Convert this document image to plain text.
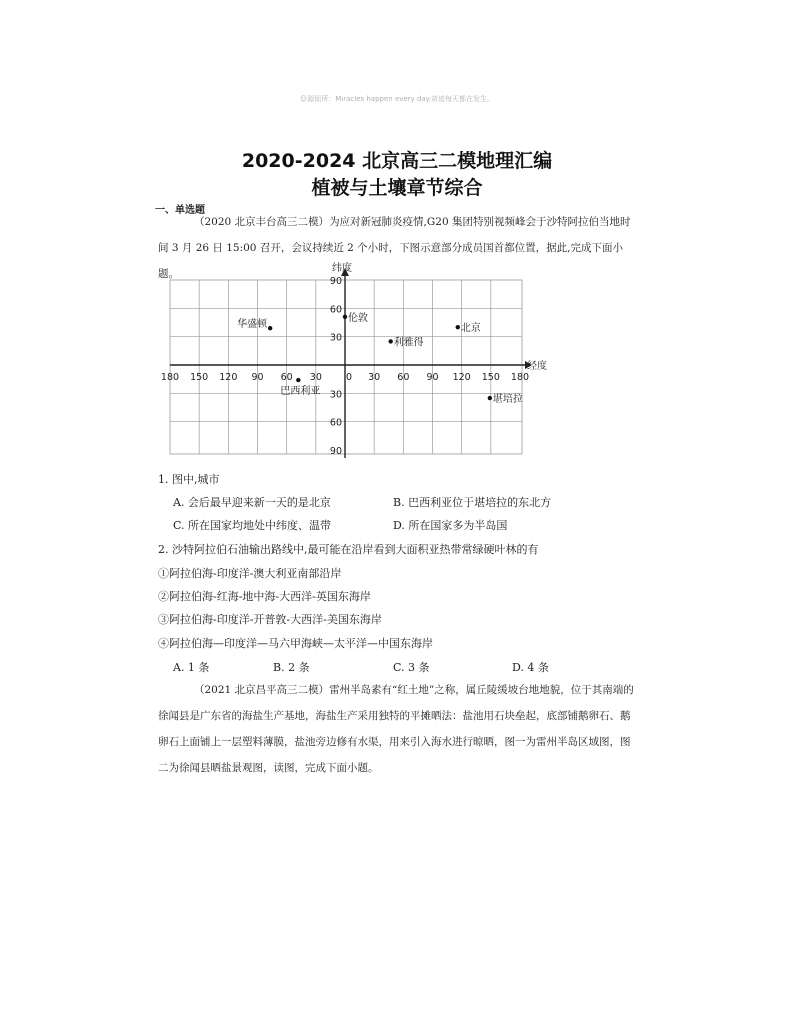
☺源烦所：Miracles happen every day.奇迹每天都在发生。
2020-2024 北京高三二模地理汇编
植被与土壤章节综合
一、单选题
（2020 北京丰台高三二模）为应对新冠肺炎疫情,G20 集团特别视频峰会于沙特阿拉伯当地时间 3 月 26 日 15:00 召开，会议持续近 2 个小时，下图示意部分成员国首都位置，据此,完成下面小题。	纬度
经度
180 150 120 90 60 30	0 30 60 90 120 150 180
90
60
30
30
60
90
华盛顿
伦敦
利雅得
北京
巴西利亚
堪培拉
1. 图中,城市
A. 会后最早迎来新一天的是北京	B. 巴西利亚位于堪培拉的东北方
C. 所在国家均地处中纬度、温带	D. 所在国家多为半岛国
2. 沙特阿拉伯石油输出路线中,最可能在沿岸看到大面积亚热带常绿硬叶林的有
①阿拉伯海-印度洋-澳大利亚南部沿岸
②阿拉伯海-红海-地中海-大西洋-英国东海岸
③阿拉伯海-印度洋-开普敦-大西洋-美国东海岸
④阿拉伯海—印度洋—马六甲海峡—太平洋—中国东海岸
A. 1 条	B. 2 条	C. 3 条	D. 4 条
（2021 北京昌平高三二模）雷州半岛素有“红土地”之称，属丘陵缓坡台地地貌，位于其南端的徐闻县是广东省的海盐生产基地，海盐生产采用独特的平摊晒法：盐池用石块垒起，底部铺鹅卵石、鹅卵石上面铺上一层塑料薄膜，盐池旁边修有水渠，用来引入海水进行晾晒，图一为雷州半岛区域图，图二为徐闻县晒盐景观图，读图，完成下面小题。
